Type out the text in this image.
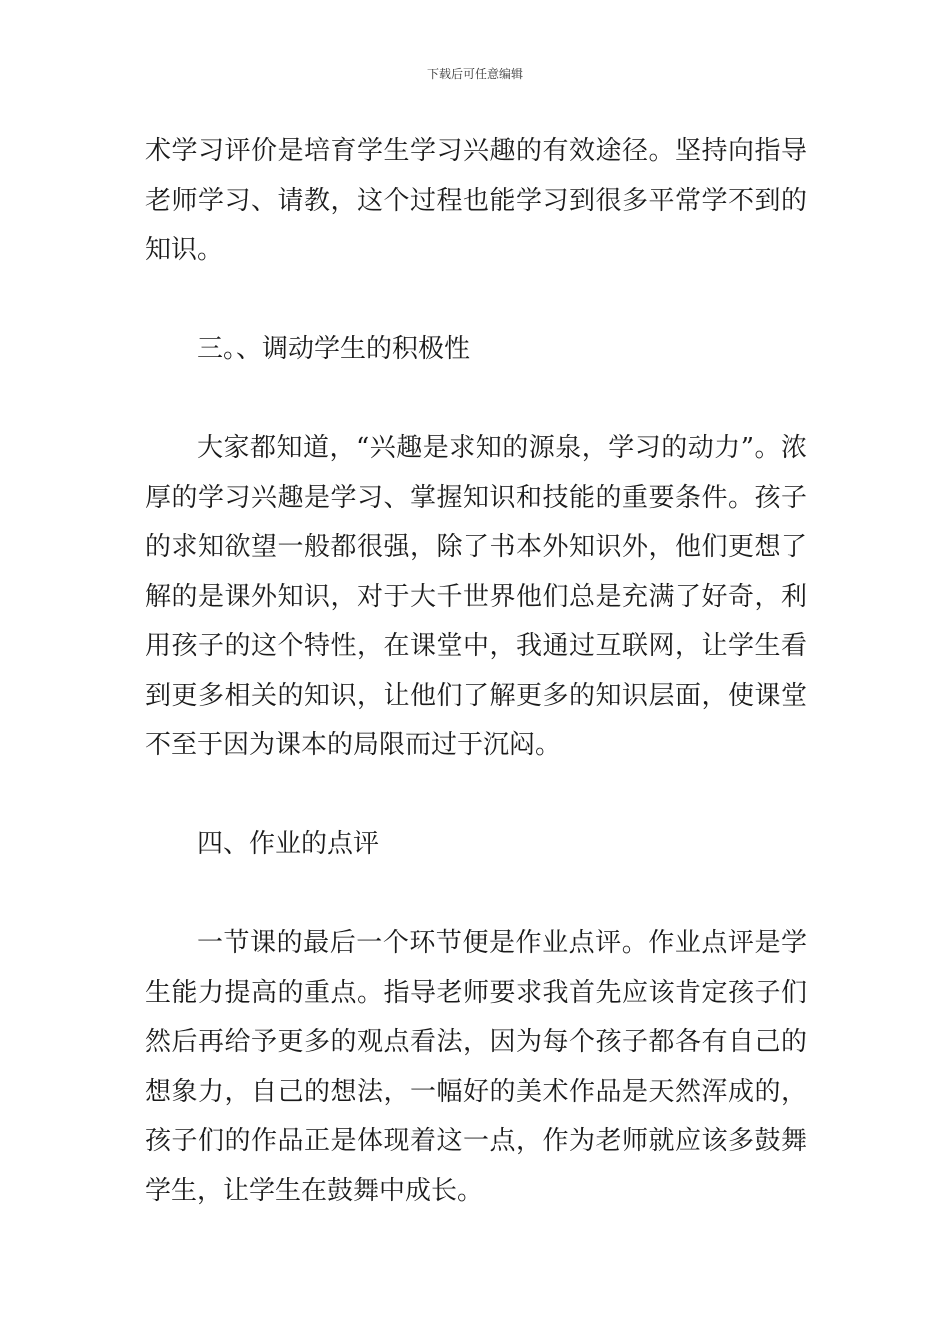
下载后可任意编辑

术学习评价是培育学生学习兴趣的有效途径。坚持向指导老师学习、请教，这个过程也能学习到很多平常学不到的知识。

三。、调动学生的积极性

大家都知道，“兴趣是求知的源泉，学习的动力”。浓厚的学习兴趣是学习、掌握知识和技能的重要条件。孩子的求知欲望一般都很强，除了书本外知识外，他们更想了解的是课外知识，对于大千世界他们总是充满了好奇，利用孩子的这个特性，在课堂中，我通过互联网，让学生看到更多相关的知识，让他们了解更多的知识层面，使课堂不至于因为课本的局限而过于沉闷。

四、作业的点评

一节课的最后一个环节便是作业点评。作业点评是学生能力提高的重点。指导老师要求我首先应该肯定孩子们然后再给予更多的观点看法，因为每个孩子都各有自己的想象力，自己的想法，一幅好的美术作品是天然浑成的，孩子们的作品正是体现着这一点，作为老师就应该多鼓舞学生，让学生在鼓舞中成长。
